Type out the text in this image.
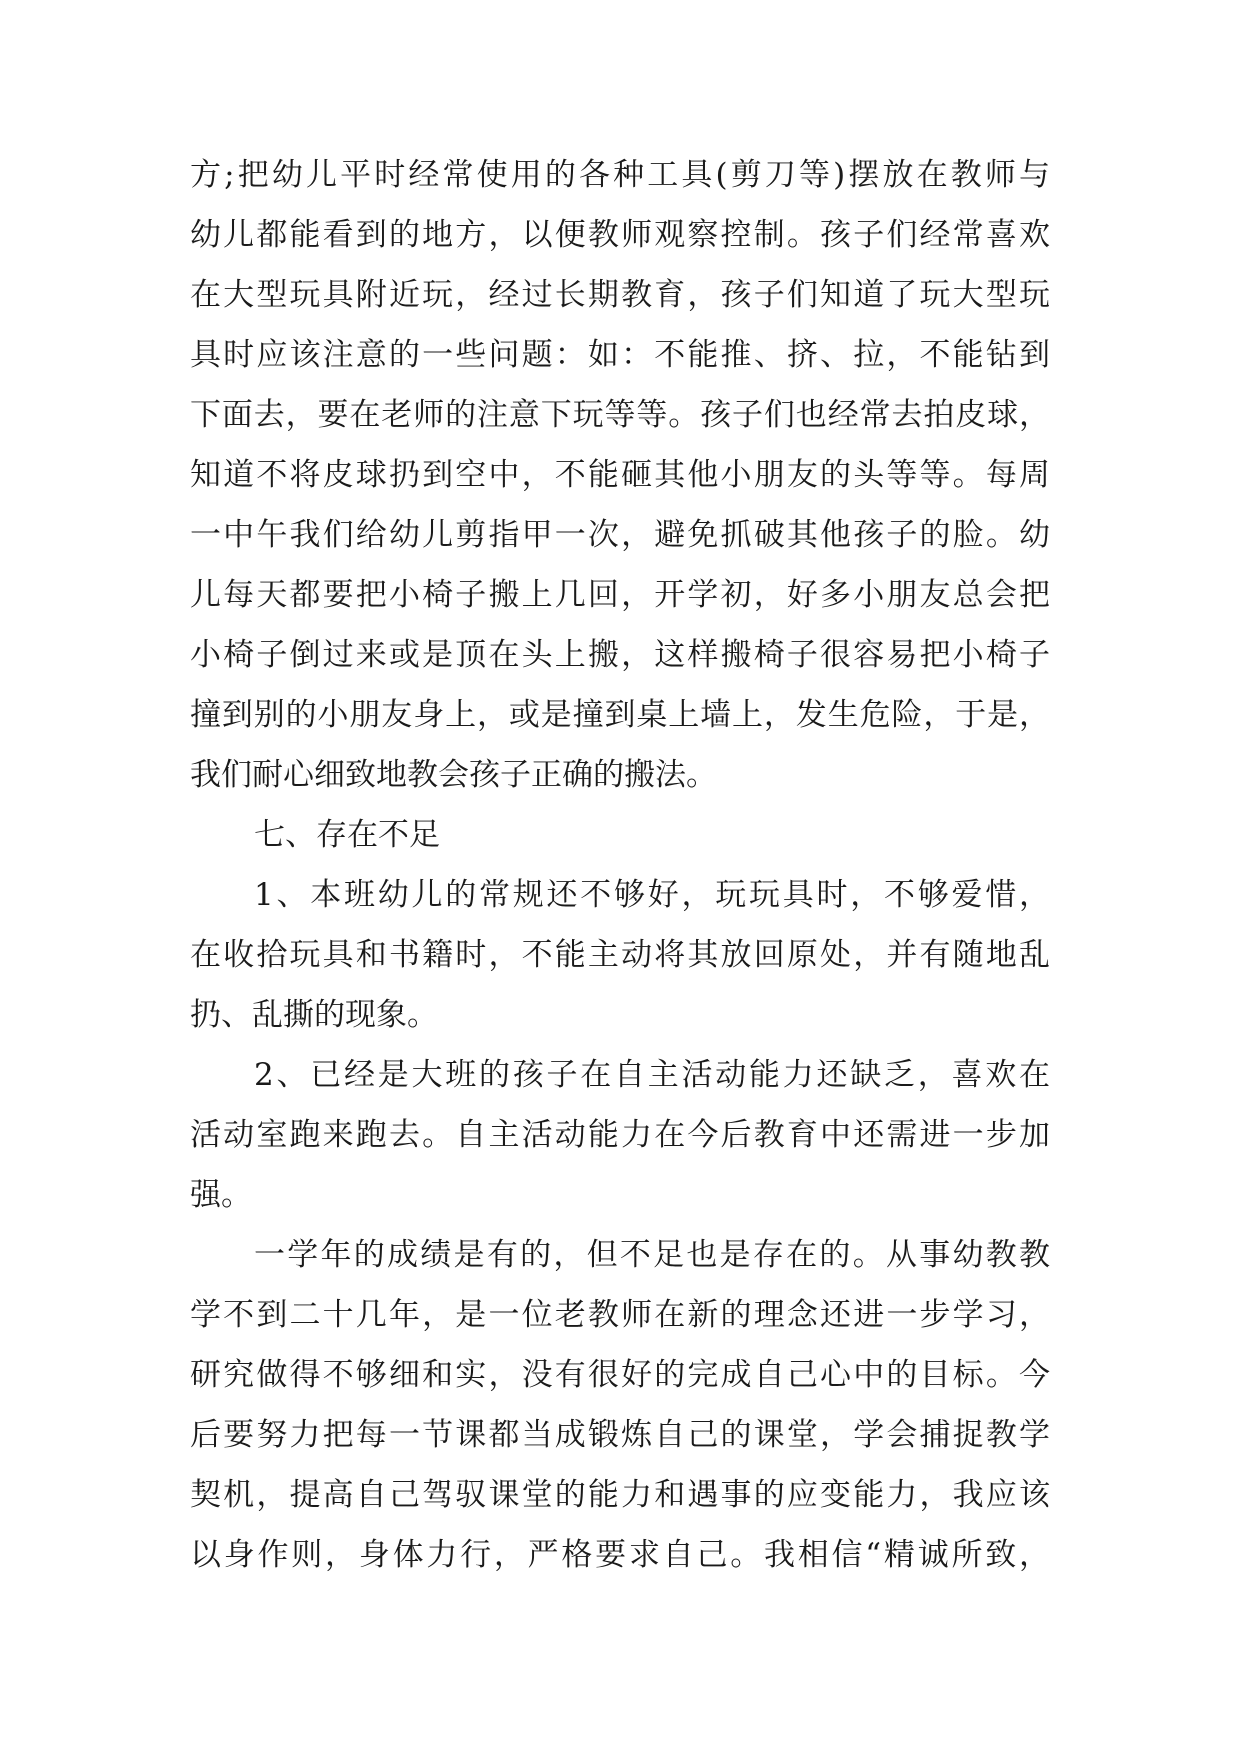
方;把幼儿平时经常使用的各种工具(剪刀等)摆放在教师与
幼儿都能看到的地方，以便教师观察控制。孩子们经常喜欢
在大型玩具附近玩，经过长期教育，孩子们知道了玩大型玩
具时应该注意的一些问题：如：不能推、挤、拉，不能钻到
下面去，要在老师的注意下玩等等。孩子们也经常去拍皮球，
知道不将皮球扔到空中，不能砸其他小朋友的头等等。每周
一中午我们给幼儿剪指甲一次，避免抓破其他孩子的脸。幼
儿每天都要把小椅子搬上几回，开学初，好多小朋友总会把
小椅子倒过来或是顶在头上搬，这样搬椅子很容易把小椅子
撞到别的小朋友身上，或是撞到桌上墙上，发生危险，于是，
我们耐心细致地教会孩子正确的搬法。
七、存在不足
1、本班幼儿的常规还不够好，玩玩具时，不够爱惜，
在收拾玩具和书籍时，不能主动将其放回原处，并有随地乱
扔、乱撕的现象。
2、已经是大班的孩子在自主活动能力还缺乏，喜欢在
活动室跑来跑去。自主活动能力在今后教育中还需进一步加
强。
一学年的成绩是有的，但不足也是存在的。从事幼教教
学不到二十几年，是一位老教师在新的理念还进一步学习，
研究做得不够细和实，没有很好的完成自己心中的目标。今
后要努力把每一节课都当成锻炼自己的课堂，学会捕捉教学
契机，提高自己驾驭课堂的能力和遇事的应变能力，我应该
以身作则，身体力行，严格要求自己。我相信“精诚所致，
